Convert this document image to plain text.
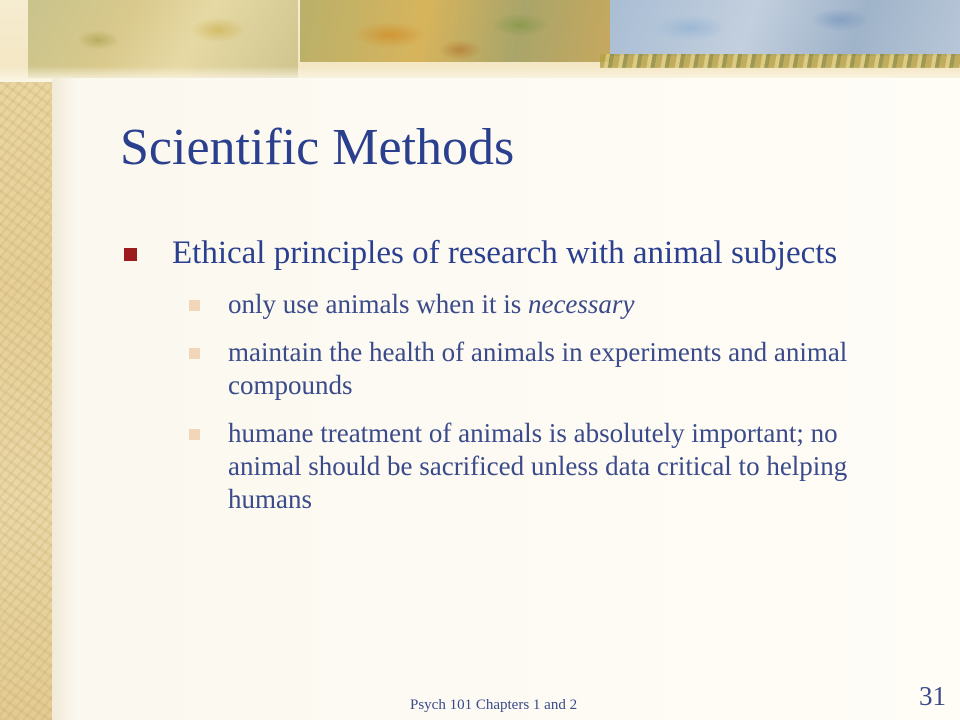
Scientific Methods
Ethical principles of research with animal subjects
only use animals when it is necessary
maintain the health of animals in experiments and animal compounds
humane treatment of animals is absolutely important; no animal should be sacrificed unless data critical to helping humans
Psych 101 Chapters 1 and 2	31
